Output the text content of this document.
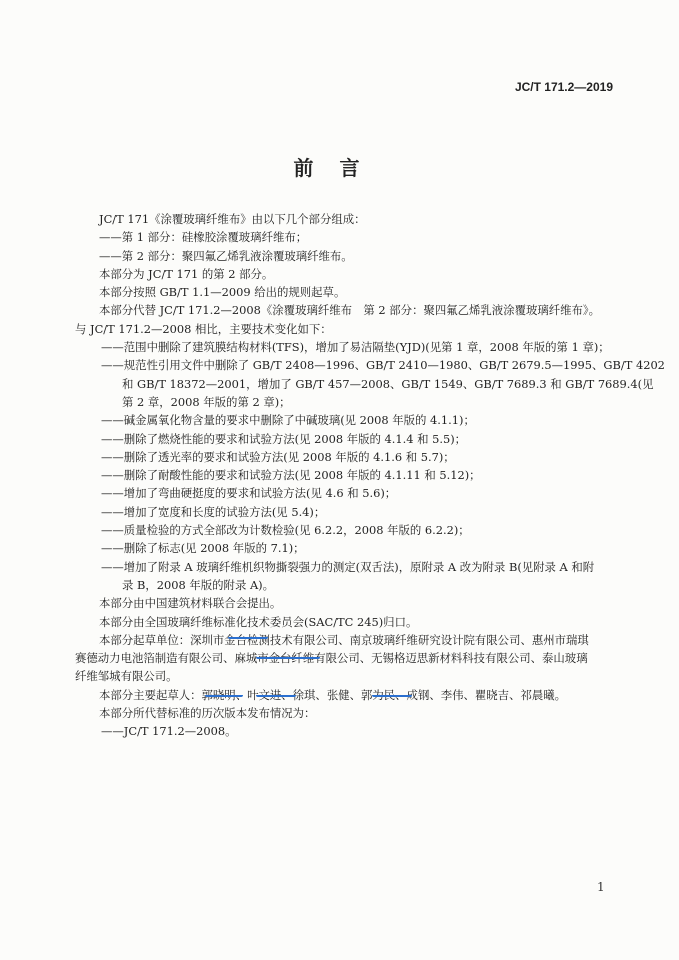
JC/T 171.2—2019
前言
JC/T 171《涂覆玻璃纤维布》由以下几个部分组成：
——第 1 部分：硅橡胶涂覆玻璃纤维布；
——第 2 部分：聚四氟乙烯乳液涂覆玻璃纤维布。
本部分为 JC/T 171 的第 2 部分。
本部分按照 GB/T 1.1—2009 给出的规则起草。
本部分代替 JC/T 171.2—2008《涂覆玻璃纤维布　第 2 部分：聚四氟乙烯乳液涂覆玻璃纤维布》。
与 JC/T 171.2—2008 相比，主要技术变化如下：
——范围中删除了建筑膜结构材料(TFS)，增加了易洁隔垫(YJD)(见第 1 章，2008 年版的第 1 章)；
——规范性引用文件中删除了 GB/T 2408—1996、GB/T 2410—1980、GB/T 2679.5—1995、GB/T 4202
和 GB/T 18372—2001，增加了 GB/T 457—2008、GB/T 1549、GB/T 7689.3 和 GB/T 7689.4(见
第 2 章，2008 年版的第 2 章)；
——碱金属氧化物含量的要求中删除了中碱玻璃(见 2008 年版的 4.1.1)；
——删除了燃烧性能的要求和试验方法(见 2008 年版的 4.1.4 和 5.5)；
——删除了透光率的要求和试验方法(见 2008 年版的 4.1.6 和 5.7)；
——删除了耐酸性能的要求和试验方法(见 2008 年版的 4.1.11 和 5.12)；
——增加了弯曲硬挺度的要求和试验方法(见 4.6 和 5.6)；
——增加了宽度和长度的试验方法(见 5.4)；
——质量检验的方式全部改为计数检验(见 6.2.2，2008 年版的 6.2.2)；
——删除了标志(见 2008 年版的 7.1)；
——增加了附录 A 玻璃纤维机织物撕裂强力的测定(双舌法)，原附录 A 改为附录 B(见附录 A 和附
录 B，2008 年版的附录 A)。
本部分由中国建筑材料联合会提出。
本部分由全国玻璃纤维标准化技术委员会(SAC/TC 245)归口。
本部分起草单位：深圳市金台检测技术有限公司、南京玻璃纤维研究设计院有限公司、惠州市瑞琪
赛德动力电池箔制造有限公司、麻城市金台纤维有限公司、无锡格迈思新材料科技有限公司、泰山玻璃
纤维邹城有限公司。
本部分主要起草人：郭晓明、叶文进、徐琪、张健、郭为民、成钢、李伟、瞿晓吉、祁晨曦。
本部分所代替标准的历次版本发布情况为：
——JC/T 171.2—2008。
1
